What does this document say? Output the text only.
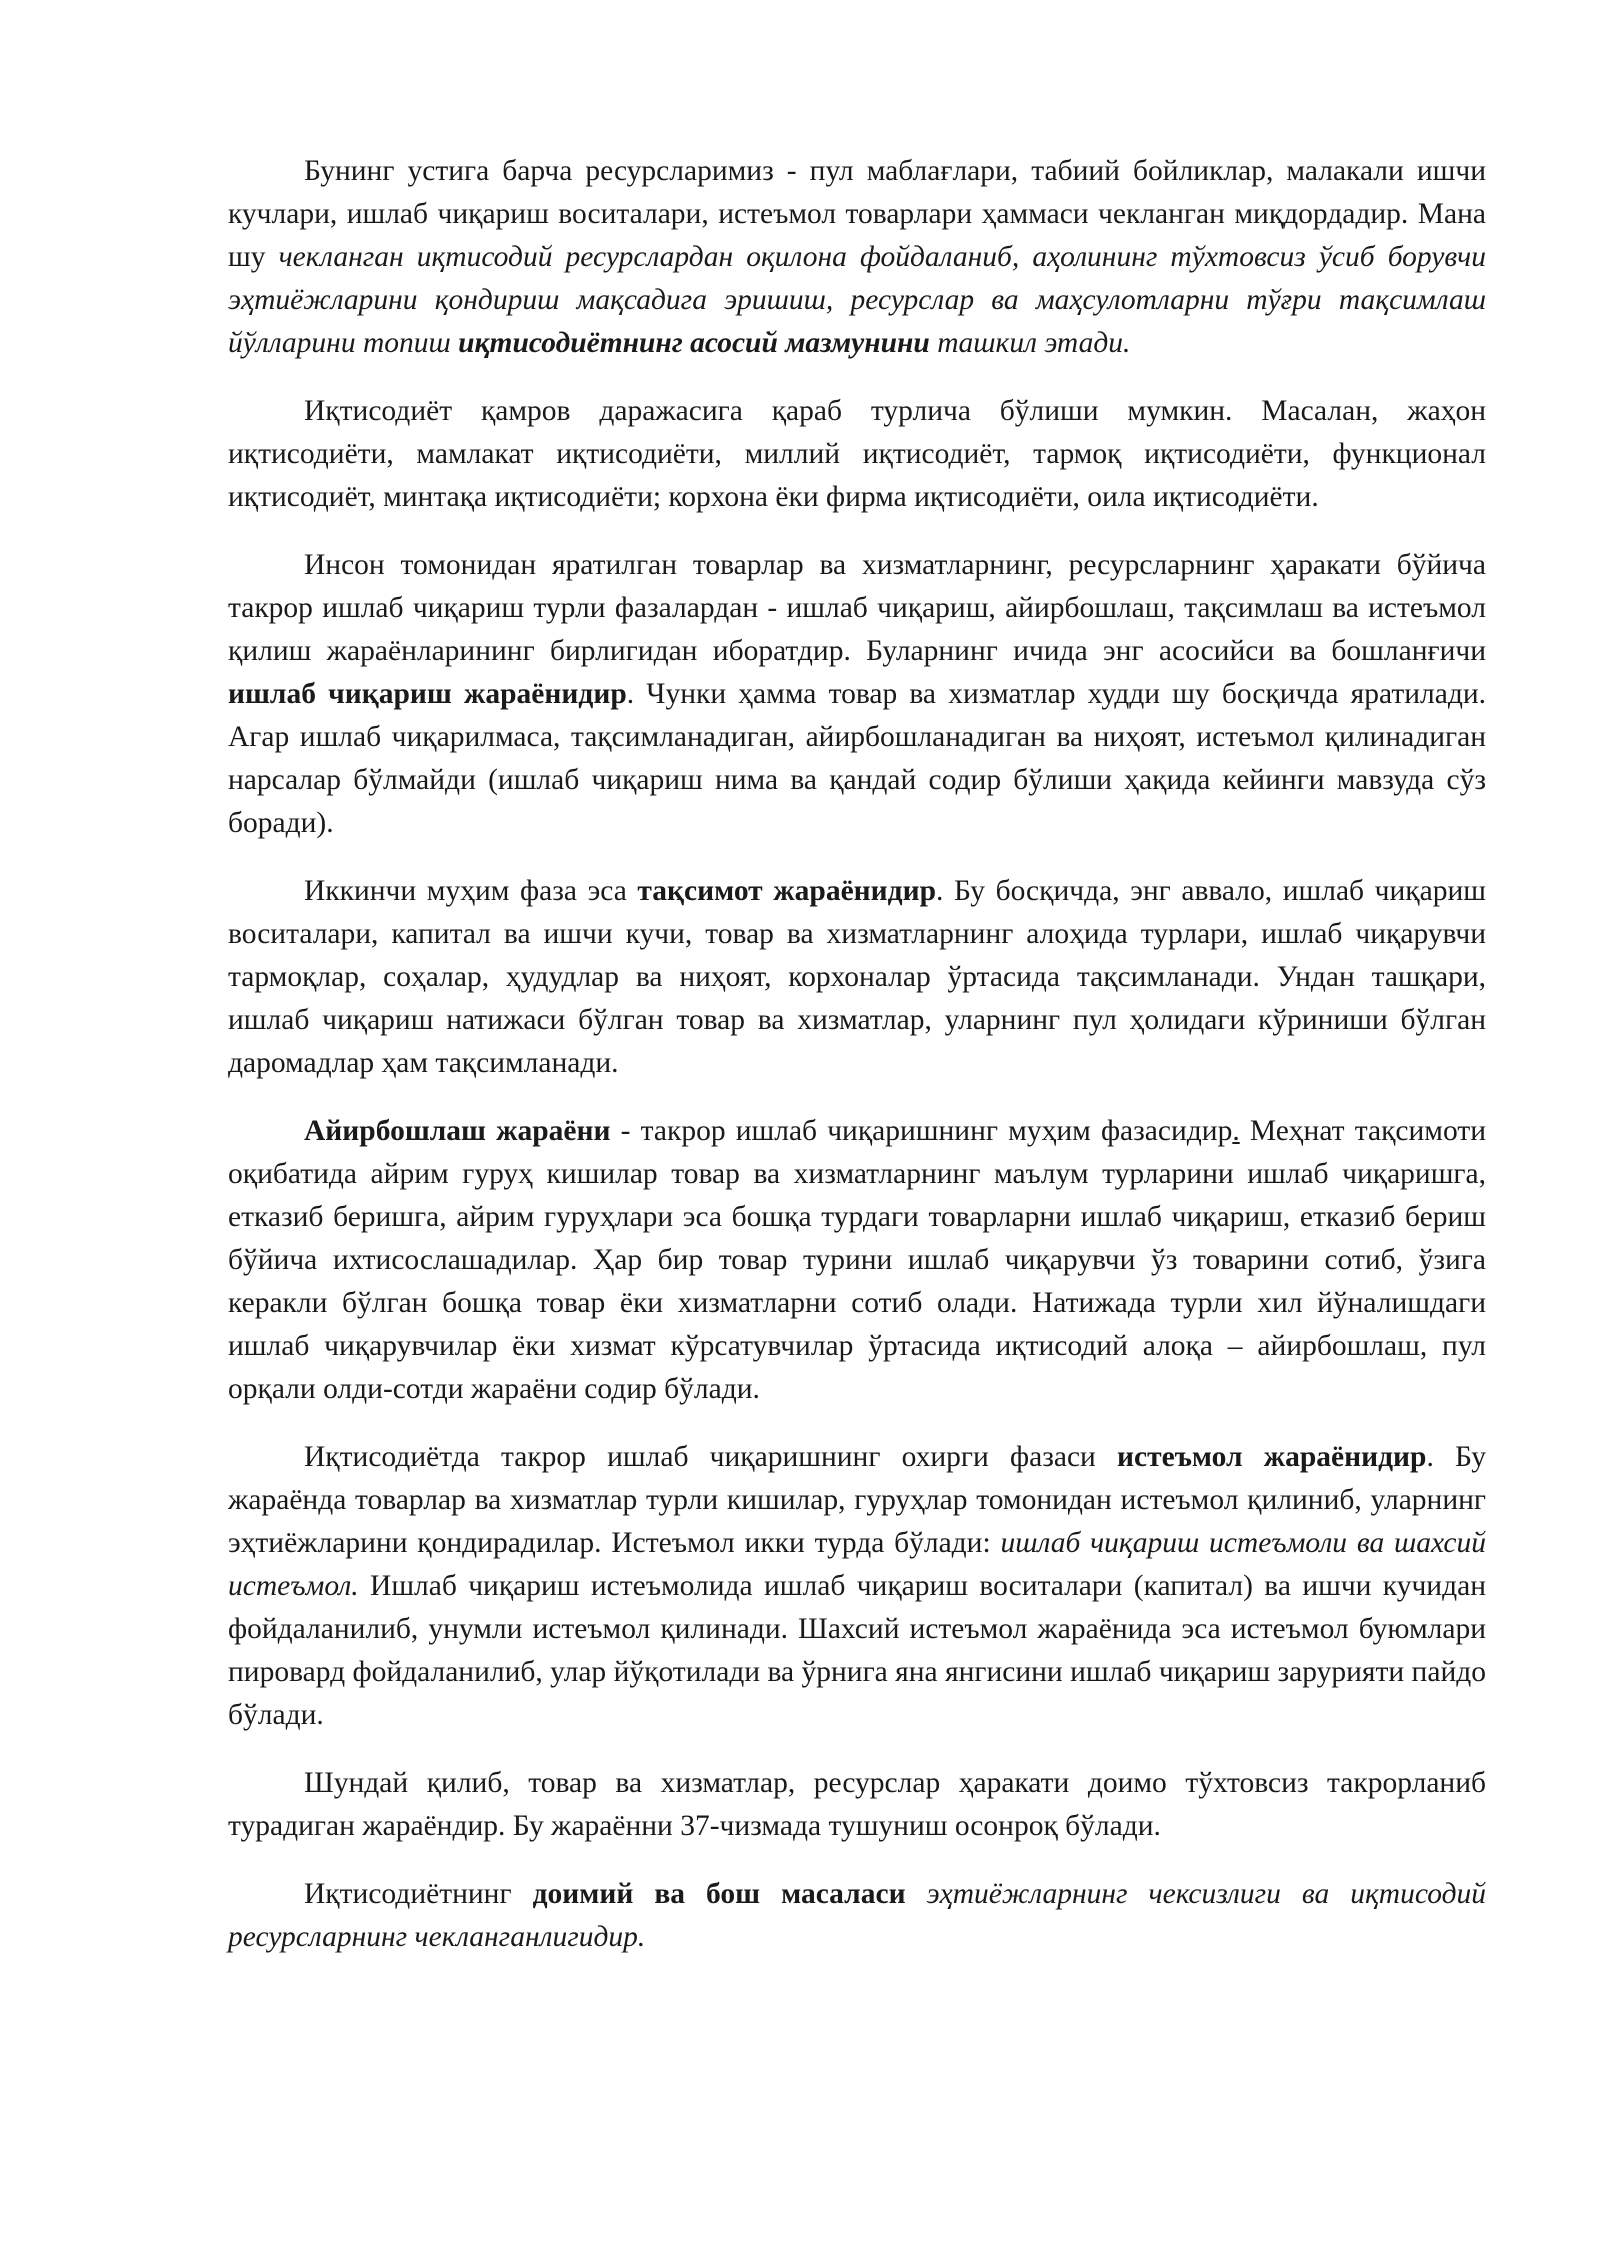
Бунинг устига барча ресурсларимиз - пул маблағлари, табиий бойликлар, малакали ишчи кучлари, ишлаб чиқариш воситалари, истеъмол товарлари ҳаммаси чекланган миқдордадир. Мана шу чекланган иқтисодий ресурслардан оқилона фойдаланиб, аҳолининг тўхтовсиз ўсиб борувчи эҳтиёжларини қондириш мақсадига эришиш, ресурслар ва маҳсулотларни тўғри тақсимлаш йўлларини топиш иқтисодиётнинг асосий мазмунини тaшкил этади.

Иқтисодиёт қамров даражасига қараб турлича бўлиши мумкин. Масалан, жаҳон иқтисодиёти, мамлакат иқтисодиёти, миллий иқтисодиёт, тармоқ иқтисодиёти, функционал иқтисодиёт, минтақа иқтисодиёти; корхона ёки фирма иқтисодиёти, оила иқтисодиёти.

Инсон томонидан яратилган товарлар ва хизматларнинг, ресурсларнинг ҳаракати бўйича такрор ишлаб чиқариш турли фазалардан - ишлаб чиқариш, айирбошлаш, тақсимлаш ва истеъмол қилиш жараёнларининг бирлигидан иборатдир. Буларнинг ичида энг асосийси ва бошланғичи ишлаб чиқариш жараёнидир. Чунки ҳамма товар ва хизматлар худди шу босқичда яратилади. Агар ишлаб чиқарилмаса, тақсимланадиган, айирбошланадиган ва ниҳоят, истеъмол қилинадиган нарсалар бўлмайди (ишлаб чиқариш нима ва қандай содир бўлиши ҳақида кейинги мавзуда сўз боради).

Иккинчи муҳим фаза эса тақсимот жараёнидир. Бу босқичда, энг аввало, ишлаб чиқариш воситалари, капитал ва ишчи кучи, товар ва хизматларнинг алоҳида турлари, ишлаб чиқарувчи тармоқлар, соҳалар, ҳудудлар ва ниҳоят, корхоналар ўртасида тақсимланади. Ундан ташқари, ишлаб чиқариш натижаси бўлган товар ва хизматлар, уларнинг пул ҳолидаги кўриниши бўлган даромадлар ҳам тақсимланади.

Айирбошлаш жараёни - такрор ишлаб чиқаришнинг муҳим фазасидир. Меҳнат тақсимоти оқибатида айрим гуруҳ кишилар товар ва хизматларнинг маълум турларини ишлаб чиқаришга, етказиб беришга, айрим гуруҳлари эса бошқа турдаги товарларни ишлаб чиқариш, етказиб бериш бўйича ихтисослашадилар. Ҳар бир товар турини ишлаб чиқарувчи ўз товарини сотиб, ўзига керакли бўлган бошқа товар ёки хизматларни сотиб олади. Натижада турли хил йўналишдаги ишлаб чиқарувчилар ёки хизмат кўрсатувчилар ўртасида иқтисодий алоқа – айирбошлаш, пул орқали олди-сотди жараёни содир бўлади.

Иқтисодиётда такрор ишлаб чиқаришнинг охирги фазаси истеъмол жараёнидир. Бу жараёнда товарлар ва хизматлар турли кишилар, гуруҳлар томонидан истеъмол қилиниб, уларнинг эҳтиёжларини қондирадилар. Истеъмол икки турда бўлади: ишлаб чиқариш истеъмоли ва шахсий истеъмол. Ишлаб чиқариш истеъмолида ишлаб чиқариш воситалари (капитал) ва ишчи кучидан фойдаланилиб, унумли истеъмол қилинади. Шахсий истеъмол жараёнида эса истеъмол буюмлари пировард фойдаланилиб, улар йўқотилади ва ўрнига яна янгисини ишлаб чиқариш зарурияти пайдо бўлади.

Шундай қилиб, товар ва хизматлар, ресурслар ҳаракати доимо тўхтовсиз такрорланиб турадиган жараёндир. Бу жараённи 37-чизмада тушуниш осонроқ бўлади.

Иқтисодиётнинг доимий ва бош масаласи эҳтиёжларнинг чексизлиги ва иқтисодий ресурсларнинг чекланганлигидир.
